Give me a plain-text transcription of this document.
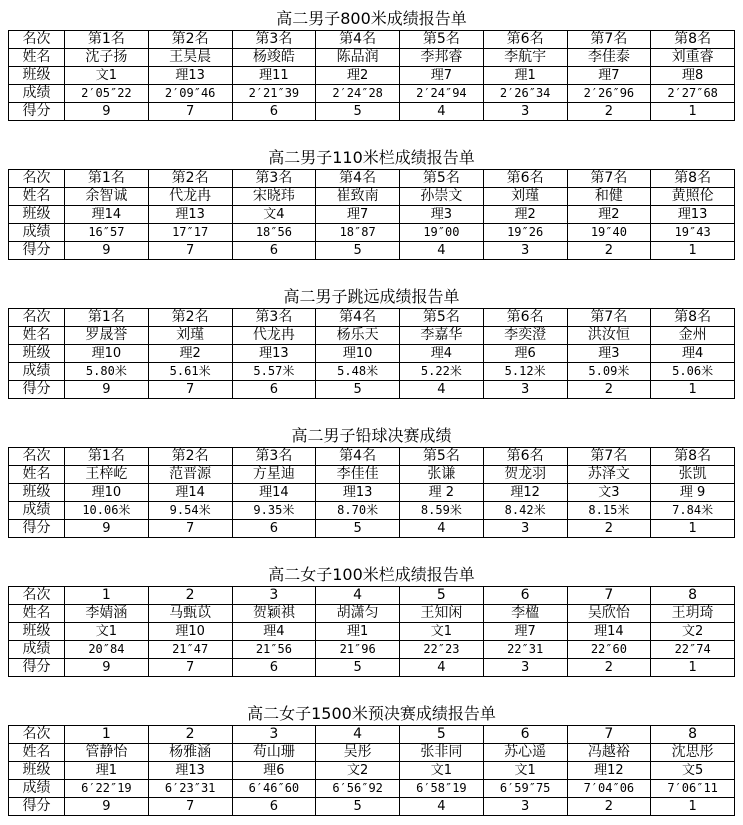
高二男子800米成绩报告单
名次	第1名	第2名	第3名	第4名	第5名	第6名	第7名	第8名
姓名	沈子扬	王昊晨	杨竣皓	陈品润	李邦睿	李航宇	李佳泰	刘重睿
班级	文1	理13	理11	理2	理7	理1	理7	理8
成绩	2′05″22	2′09″46	2′21″39	2′24″28	2′24″94	2′26″34	2′26″96	2′27″68
得分	9	7	6	5	4	3	2	1
高二男子110米栏成绩报告单
名次	第1名	第2名	第3名	第4名	第5名	第6名	第7名	第8名
姓名	余智诚	代龙冉	宋晓玮	崔致南	孙崇文	刘瑾	和健	黄照伦
班级	理14	理13	文4	理7	理3	理2	理2	理13
成绩	16″57	17″17	18″56	18″87	19″00	19″26	19″40	19″43
得分	9	7	6	5	4	3	2	1
高二男子跳远成绩报告单
名次	第1名	第2名	第3名	第4名	第5名	第6名	第7名	第8名
姓名	罗晟誉	刘瑾	代龙冉	杨乐天	李嘉华	李奕澄	洪汝恒	金州
班级	理10	理2	理13	理10	理4	理6	理3	理4
成绩	5.80米	5.61米	5.57米	5.48米	5.22米	5.12米	5.09米	5.06米
得分	9	7	6	5	4	3	2	1
高二男子铅球决赛成绩
名次	第1名	第2名	第3名	第4名	第5名	第6名	第7名	第8名
姓名	王梓屹	范晋源	方星迪	李佳佳	张谦	贺龙羽	苏泽文	张凯
班级	理10	理14	理14	理13	理 2	理12	文3	理 9
成绩	10.06米	9.54米	9.35米	8.70米	8.59米	8.42米	8.15米	7.84米
得分	9	7	6	5	4	3	2	1
高二女子100米栏成绩报告单
名次	1	2	3	4	5	6	7	8
姓名	李婧涵	马甄苡	贺颖祺	胡潇匀	王知闲	李楹	吴欣怡	王玥琦
班级	文1	理10	理4	理1	文1	理7	理14	文2
成绩	20″84	21″47	21″56	21″96	22″23	22″31	22″60	22″74
得分	9	7	6	5	4	3	2	1
高二女子1500米预决赛成绩报告单
名次	1	2	3	4	5	6	7	8
姓名	管静怡	杨雅涵	苟山珊	吴彤	张非同	苏心遥	冯越裕	沈思彤
班级	理1	理13	理6	文2	文1	文1	理12	文5
成绩	6′22″19	6′23″31	6′46″60	6′56″92	6′58″19	6′59″75	7′04″06	7′06″11
得分	9	7	6	5	4	3	2	1
